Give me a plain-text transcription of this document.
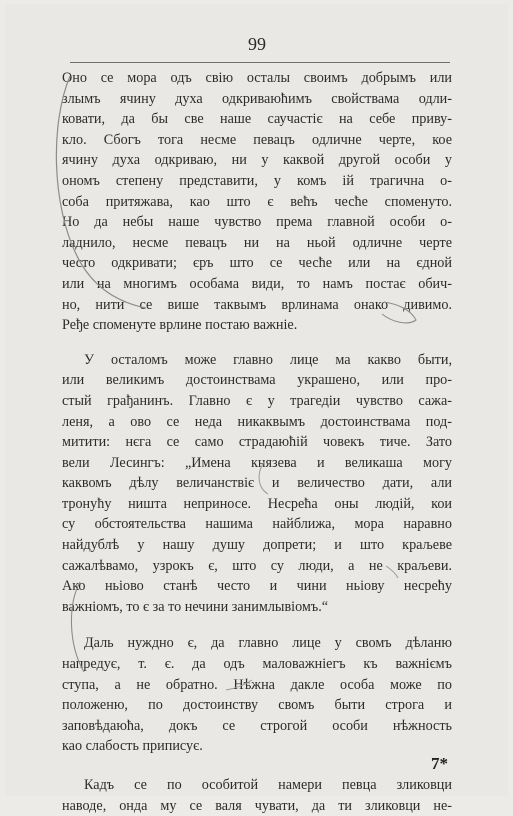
99
Оно се мора одъ свію осталы своимъ добрымъ или
злымъ ячину духа одкриваюћимъ свойствама одли-
ковати, да бы све наше саучастіє на себе приву-
кло. Сбогъ тога несме певацъ одличне черте, кое
ячину духа одкриваю, ни у каквой другой особи у
ономъ степену представити, у комъ ій трагична о-
соба притяжава, као што є већъ чесће споменуто.
Но да небы наше чувство према главной особи о-
ладнило, несме певацъ ни на ньой одличне черте
често одкривати; єръ што се чесће или на єдной
или на многимъ особама види, то намъ постає обич-
но, нити се више таквымъ врлинама онако дивимо.
Ређе споменуте врлине постаю важніе.
У осталомъ може главно лице ма какво быти,
или великимъ достоинствама украшено, или про-
стый грађанинъ. Главно є у трагедіи чувство сажа-
леня, а ово се неда никаквымъ достоинствама под-
митити: нєга се само страдаюћій човекъ тиче. Зато
вели Лесингъ: „Имена князева и великаша могу
каквомъ дѣлу величанствіє и величество дати, али
тронућу ништа неприносе. Несрећа оны людій, кои
су обстоятельства нашима найближа, мора наравно
найдублѣ у нашу душу допрети; и што краљеве
сажалѣвамо, узрокъ є, што су люди, а не краљеви.
Ако ньіово станѣ често и чини ньіову несрећу
важніомъ, то є за то нечини занимлывіомъ.“
Даль нуждно є, да главно лице у свомъ дѣланю
напредує, т. є. да одъ маловажніегъ къ важніємъ
ступа, а не обратно. Нѣжна дакле особа може по
положеню, по достоинству свомъ быти строга и
заповѣдаюћа, докъ се строгой особи нѣжность
као слабость приписує.
Кадъ се по особитой намери певца зликовци
наводе, онда му се валя чувати, да ти зликовци не-
7*
